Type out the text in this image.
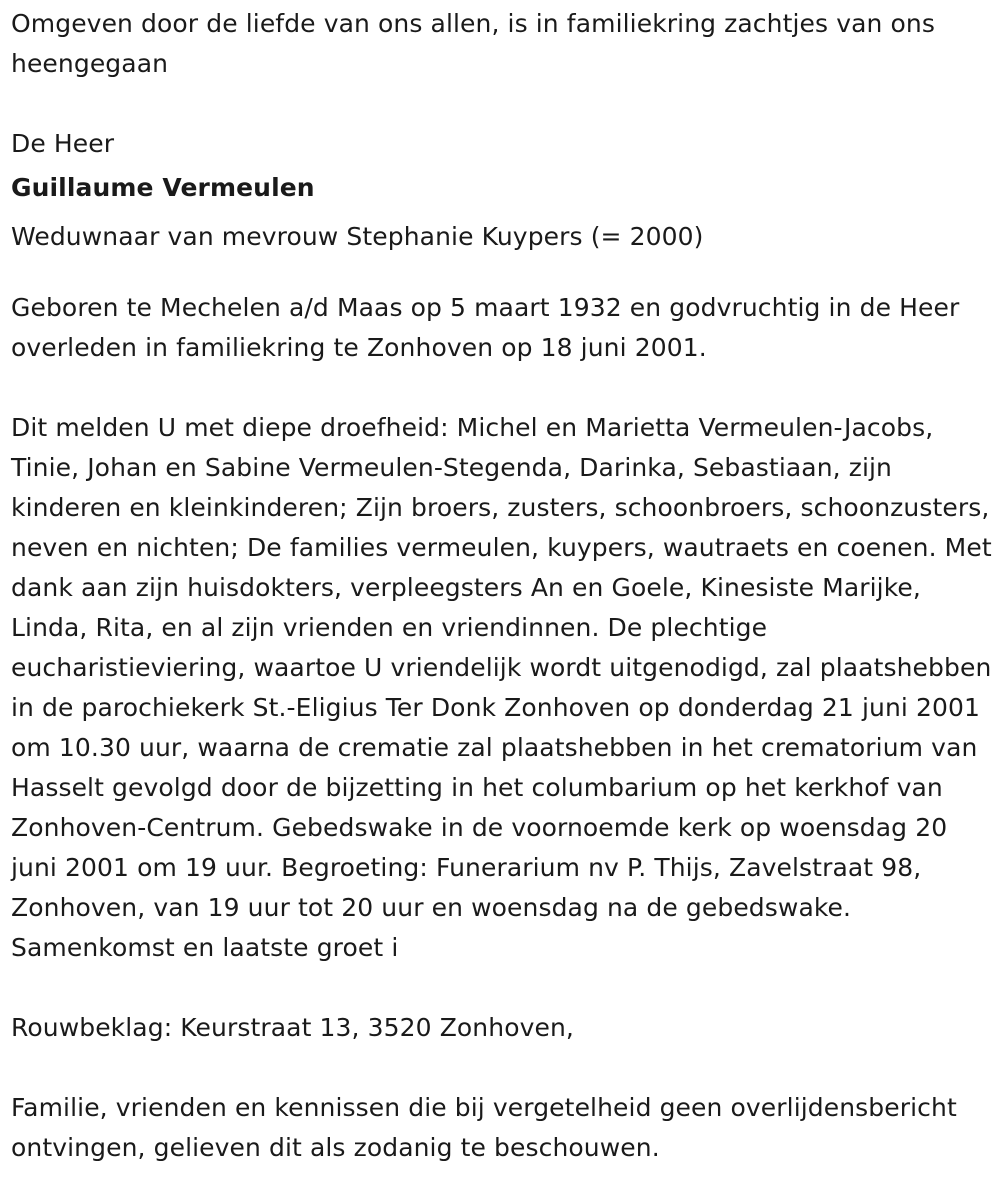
Omgeven door de liefde van ons allen, is in familiekring zachtjes van ons heengegaan

De Heer

Guillaume Vermeulen

Weduwnaar van mevrouw Stephanie Kuypers (= 2000)

Geboren te Mechelen a/d Maas op 5 maart 1932 en godvruchtig in de Heer overleden in familiekring te Zonhoven op 18 juni 2001.

Dit melden U met diepe droefheid: Michel en Marietta Vermeulen-Jacobs, Tinie, Johan en Sabine Vermeulen-Stegenda, Darinka, Sebastiaan, zijn kinderen en kleinkinderen; Zijn broers, zusters, schoonbroers, schoonzusters, neven en nichten; De families vermeulen, kuypers, wautraets en coenen. Met dank aan zijn huisdokters, verpleegsters An en Goele, Kinesiste Marijke, Linda, Rita, en al zijn vrienden en vriendinnen. De plechtige eucharistieviering, waartoe U vriendelijk wordt uitgenodigd, zal plaatshebben in de parochiekerk St.-Eligius Ter Donk Zonhoven op donderdag 21 juni 2001 om 10.30 uur, waarna de crematie zal plaatshebben in het crematorium van Hasselt gevolgd door de bijzetting in het columbarium op het kerkhof van Zonhoven-Centrum. Gebedswake in de voornoemde kerk op woensdag 20 juni 2001 om 19 uur. Begroeting: Funerarium nv P. Thijs, Zavelstraat 98, Zonhoven, van 19 uur tot 20 uur en woensdag na de gebedswake. Samenkomst en laatste groet i

Rouwbeklag: Keurstraat 13, 3520 Zonhoven,

Familie, vrienden en kennissen die bij vergetelheid geen overlijdensbericht ontvingen, gelieven dit als zodanig te beschouwen.
